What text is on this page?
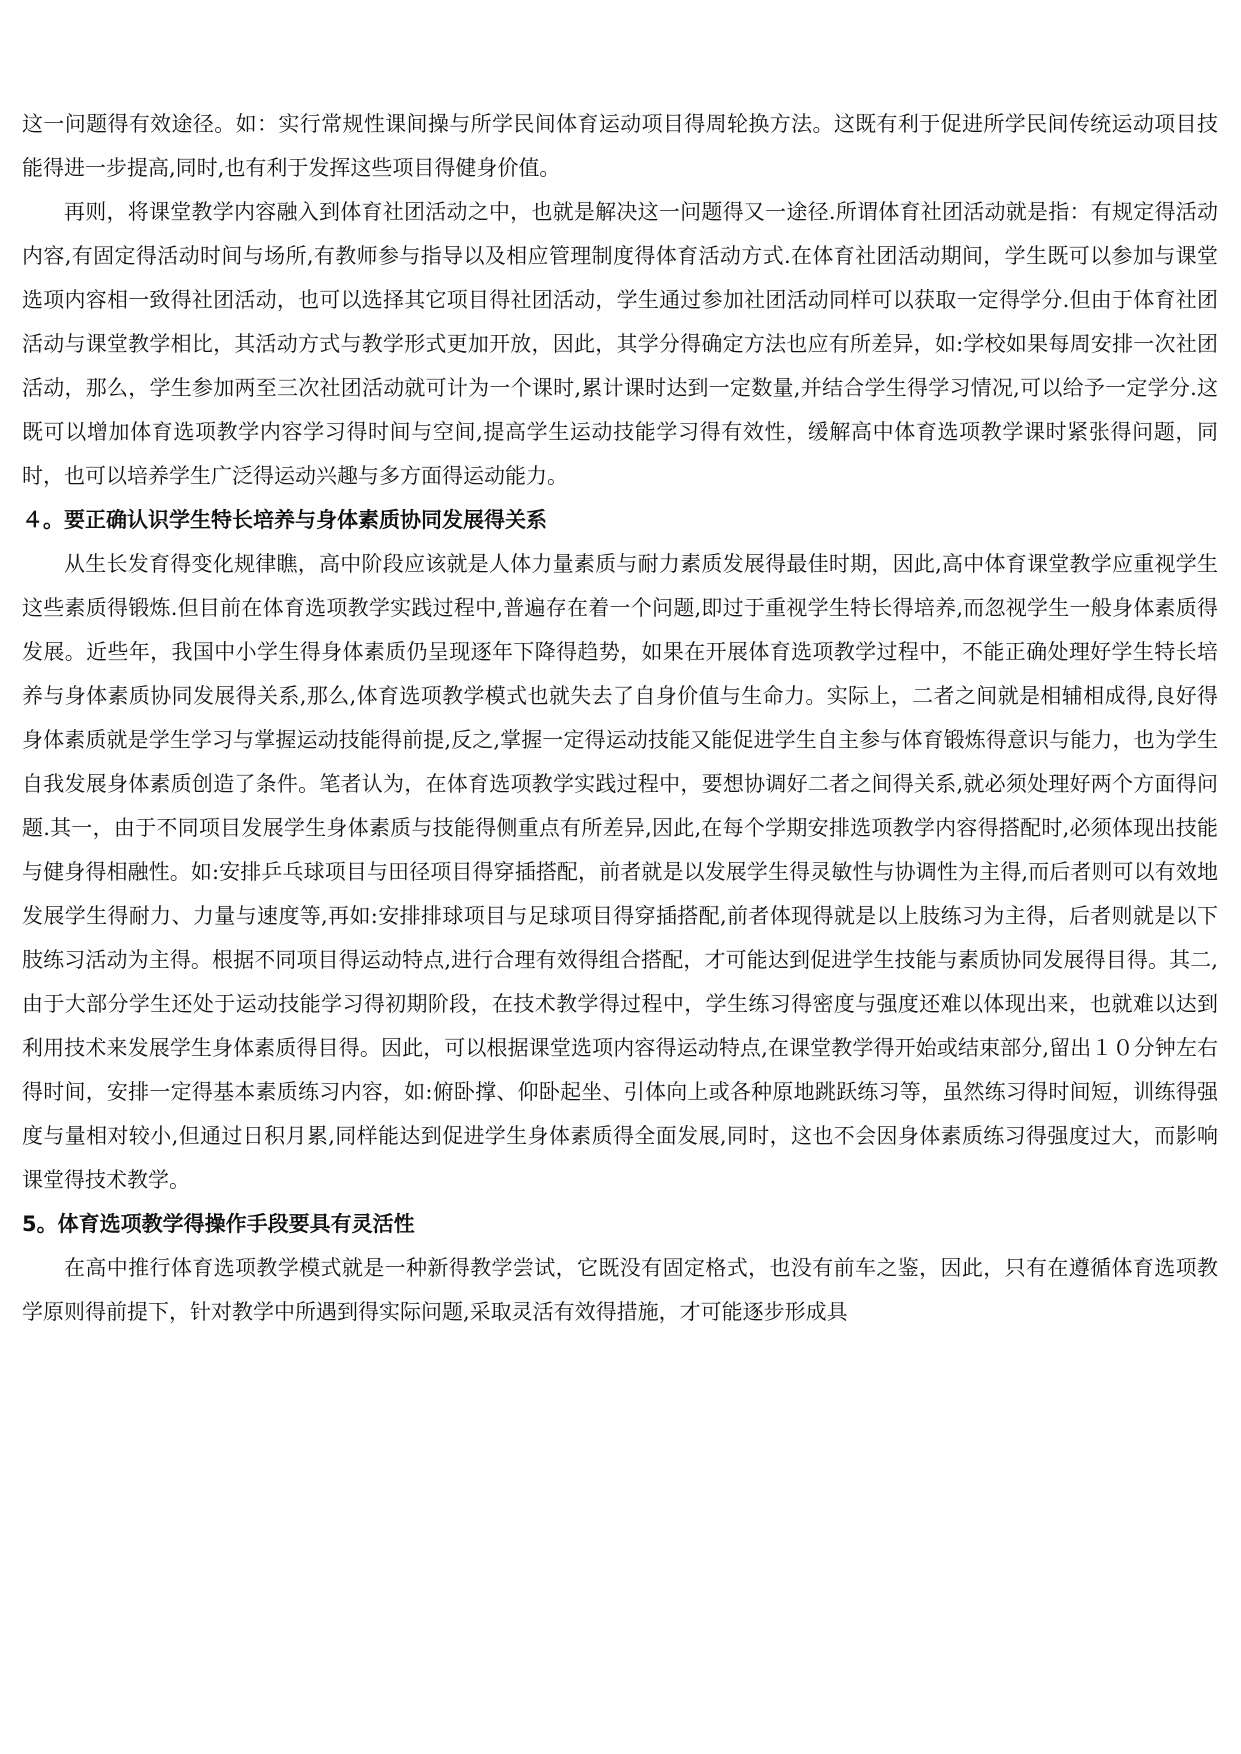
这一问题得有效途径。如：实行常规性课间操与所学民间体育运动项目得周轮换方法。这既有利于促进所学民间传统运动项目技能得进一步提高,同时,也有利于发挥这些项目得健身价值。

再则，将课堂教学内容融入到体育社团活动之中，也就是解决这一问题得又一途径.所谓体育社团活动就是指：有规定得活动内容,有固定得活动时间与场所,有教师参与指导以及相应管理制度得体育活动方式.在体育社团活动期间，学生既可以参加与课堂选项内容相一致得社团活动，也可以选择其它项目得社团活动，学生通过参加社团活动同样可以获取一定得学分.但由于体育社团活动与课堂教学相比，其活动方式与教学形式更加开放，因此，其学分得确定方法也应有所差异，如:学校如果每周安排一次社团活动，那么，学生参加两至三次社团活动就可计为一个课时,累计课时达到一定数量,并结合学生得学习情况,可以给予一定学分.这既可以增加体育选项教学内容学习得时间与空间,提高学生运动技能学习得有效性，缓解高中体育选项教学课时紧张得问题，同时，也可以培养学生广泛得运动兴趣与多方面得运动能力。

４。要正确认识学生特长培养与身体素质协同发展得关系

从生长发育得变化规律瞧，高中阶段应该就是人体力量素质与耐力素质发展得最佳时期，因此,高中体育课堂教学应重视学生这些素质得锻炼.但目前在体育选项教学实践过程中,普遍存在着一个问题,即过于重视学生特长得培养,而忽视学生一般身体素质得发展。近些年，我国中小学生得身体素质仍呈现逐年下降得趋势，如果在开展体育选项教学过程中，不能正确处理好学生特长培养与身体素质协同发展得关系,那么,体育选项教学模式也就失去了自身价值与生命力。实际上，二者之间就是相辅相成得,良好得身体素质就是学生学习与掌握运动技能得前提,反之,掌握一定得运动技能又能促进学生自主参与体育锻炼得意识与能力，也为学生自我发展身体素质创造了条件。笔者认为，在体育选项教学实践过程中，要想协调好二者之间得关系,就必须处理好两个方面得问题.其一，由于不同项目发展学生身体素质与技能得侧重点有所差异,因此,在每个学期安排选项教学内容得搭配时,必须体现出技能与健身得相融性。如:安排乒乓球项目与田径项目得穿插搭配，前者就是以发展学生得灵敏性与协调性为主得,而后者则可以有效地发展学生得耐力、力量与速度等,再如:安排排球项目与足球项目得穿插搭配,前者体现得就是以上肢练习为主得，后者则就是以下肢练习活动为主得。根据不同项目得运动特点,进行合理有效得组合搭配，才可能达到促进学生技能与素质协同发展得目得。其二,由于大部分学生还处于运动技能学习得初期阶段，在技术教学得过程中，学生练习得密度与强度还难以体现出来，也就难以达到利用技术来发展学生身体素质得目得。因此，可以根据课堂选项内容得运动特点,在课堂教学得开始或结束部分,留出１０分钟左右得时间，安排一定得基本素质练习内容，如:俯卧撑、仰卧起坐、引体向上或各种原地跳跃练习等，虽然练习得时间短，训练得强度与量相对较小,但通过日积月累,同样能达到促进学生身体素质得全面发展,同时，这也不会因身体素质练习得强度过大，而影响课堂得技术教学。

5。体育选项教学得操作手段要具有灵活性

在高中推行体育选项教学模式就是一种新得教学尝试，它既没有固定格式，也没有前车之鉴，因此，只有在遵循体育选项教学原则得前提下，针对教学中所遇到得实际问题,采取灵活有效得措施，才可能逐步形成具
